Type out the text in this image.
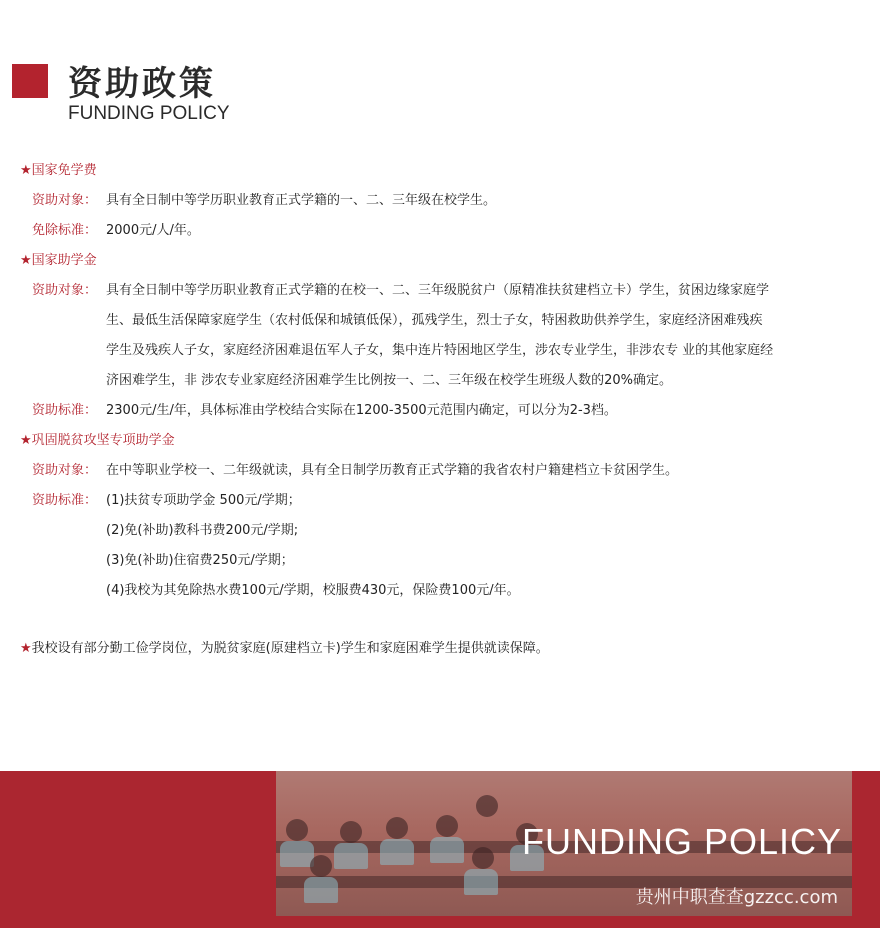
资助政策
FUNDING POLICY
★国家免学费
资助对象： 具有全日制中等学历职业教育正式学籍的一、二、三年级在校学生。
免除标准： 2000元/人/年。
★国家助学金
资助对象： 具有全日制中等学历职业教育正式学籍的在校一、二、三年级脱贫户（原精准扶贫建档立卡）学生，贫困边缘家庭学
生、最低生活保障家庭学生（农村低保和城镇低保），孤残学生，烈士子女，特困救助供养学生，家庭经济困难残疾
学生及残疾人子女，家庭经济困难退伍军人子女，集中连片特困地区学生，涉农专业学生，非涉农专 业的其他家庭经
济困难学生，非 涉农专业家庭经济困难学生比例按一、二、三年级在校学生班级人数的20%确定。
资助标准： 2300元/生/年，具体标准由学校结合实际在1200-3500元范围内确定，可以分为2-3档。
★巩固脱贫攻坚专项助学金
资助对象： 在中等职业学校一、二年级就读，具有全日制学历教育正式学籍的我省农村户籍建档立卡贫困学生。
资助标准： (1)扶贫专项助学金 500元/学期；
(2)免(补助)教科书费200元/学期;
(3)免(补助)住宿费250元/学期；
(4)我校为其免除热水费100元/学期，校服费430元，保险费100元/年。
★我校设有部分勤工俭学岗位，为脱贫家庭(原建档立卡)学生和家庭困难学生提供就读保障。
FUNDING POLICY
贵州中职查查gzzcc.com
